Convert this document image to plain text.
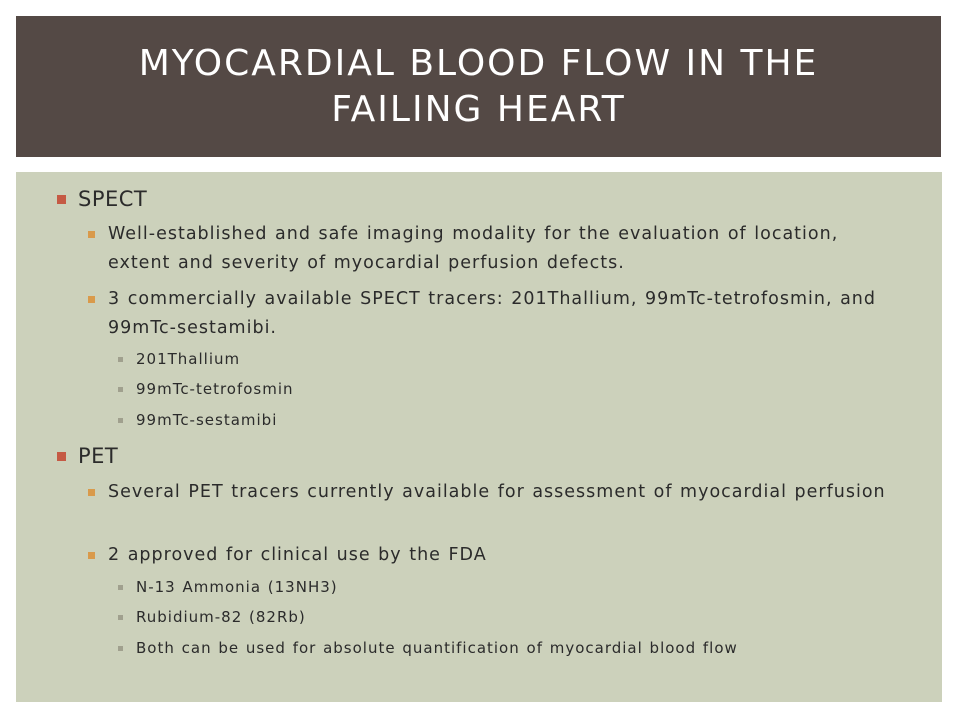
MYOCARDIAL BLOOD FLOW IN THE FAILING HEART
SPECT
Well-established and safe imaging modality for the evaluation of location, extent and severity of myocardial perfusion defects.
3 commercially available SPECT tracers: 201Thallium, 99mTc-tetrofosmin, and 99mTc-sestamibi.
201Thallium
99mTc-tetrofosmin
99mTc-sestamibi
PET
Several PET tracers currently available for assessment of myocardial perfusion
2 approved for clinical use by the FDA
N-13 Ammonia (13NH3)
Rubidium-82 (82Rb)
Both can be used for absolute quantification of myocardial blood flow
